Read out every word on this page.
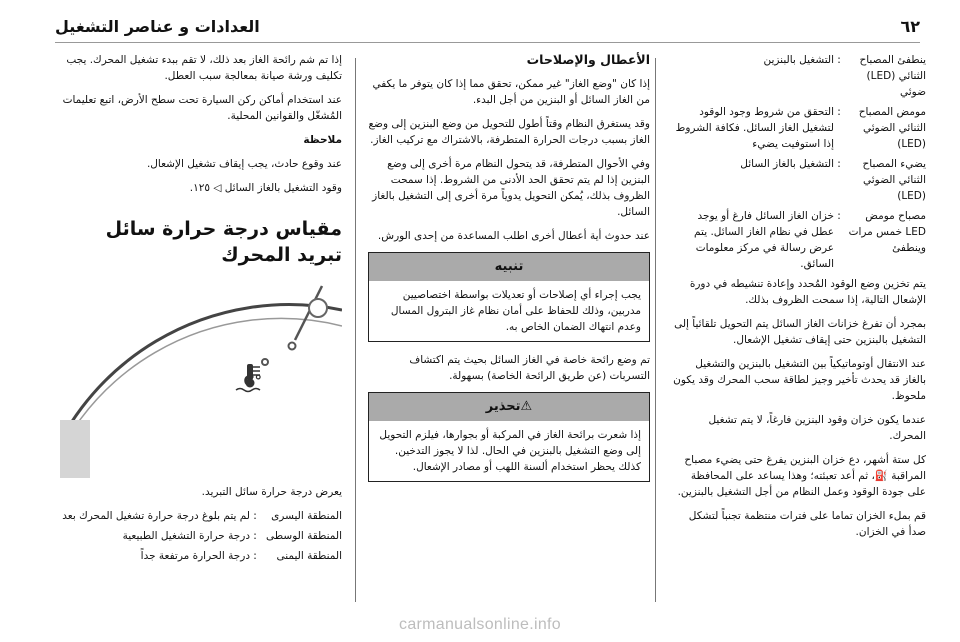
٦٢
العدادات و عناصر التشغيل
ينطفئ المصباح الثنائي (LED) ضوئي	:	التشغيل بالبنزين
مومض المصباح الثنائي الضوئي (LED)	:	التحقق من شروط وجود الوقود لتشغيل الغاز السائل. فكافة الشروط إذا استوفيت يضيء
يضيء المصباح الثنائي الضوئي (LED)	:	التشغيل بالغاز السائل
مصباح مومض LED خمس مرات وينطفئ	:	خزان الغاز السائل فارغ أو يوجد عطل في نظام الغاز السائل. يتم عرض رسالة في مركز معلومات السائق.

يتم تخزين وضع الوقود المُحدد وإعادة تنشيطه في دورة الإشعال التالية، إذا سمحت الظروف بذلك.

بمجرد أن تفرغ خزانات الغاز السائل يتم التحويل تلقائياً إلى التشغيل بالبنزين حتى إيقاف تشغيل الإشعال.

عند الانتقال أوتوماتيكياً بين التشغيل بالبنزين والتشغيل بالغاز قد يحدث تأخير وجيز لطاقة سحب المحرك وقد يكون ملحوظ.

عندما يكون خزان وقود البنزين فارغاً، لا يتم تشغيل المحرك.

كل ستة أشهر، دع خزان البنزين يفرغ حتى يضيء مصباح المراقبة ⛽، ثم أعد تعبئته؛ وهذا يساعد على المحافظة على جودة الوقود وعمل النظام من أجل التشغيل بالبنزين.

قم بملء الخزان تماما على فترات منتظمة تجنباً لتشكل صدأ في الخزان.

الأعطال والإصلاحات

إذا كان "وضع الغاز" غير ممكن، تحقق مما إذا كان يتوفر ما يكفي من الغاز السائل أو البنزين من أجل البدء.

وقد يستغرق النظام وقتاً أطول للتحويل من وضع البنزين إلى وضع الغاز بسبب درجات الحرارة المتطرفة، بالاشتراك مع تركيب الغاز.

وفي الأحوال المتطرفة، قد يتحول النظام مرة أخرى إلى وضع البنزين إذا لم يتم تحقق الحد الأدنى من الشروط. إذا سمحت الظروف بذلك، يُمكن التحويل يدوياً مرة أخرى إلى التشغيل بالغاز السائل.

عند حدوث أية أعطال أخرى اطلب المساعدة من إحدى الورش.

تنبيه
يجب إجراء أي إصلاحات أو تعديلات بواسطة اختصاصيين مدربين، وذلك للحفاظ على أمان نظام غاز البترول المسال وعدم انتهاك الضمان الخاص به.

تم وضع رائحة خاصة في الغاز السائل بحيث يتم اكتشاف التسربات (عن طريق الرائحة الخاصة) بسهولة.

⚠تحذير
إذا شعرت برائحة الغاز في المركبة أو بجوارها، فيلزم التحويل إلى وضع التشغيل بالبنزين في الحال. لذا لا يجوز التدخين. كذلك يحظر استخدام ألسنة اللهب أو مصادر الإشعال.

إذا تم شم رائحة الغاز بعد ذلك، لا تقم ببدء تشغيل المحرك. يجب تكليف ورشة صيانة بمعالجة سبب العطل.

عند استخدام أماكن ركن السيارة تحت سطح الأرض، اتبع تعليمات المُشغّل والقوانين المحلية.

ملاحظة

عند وقوع حادث، يجب إيقاف تشغيل الإشعال.

وقود التشغيل بالغاز السائل ◁ ١٢٥.

مقياس درجة حرارة سائل تبريد المحرك
°C

يعرض درجة حرارة سائل التبريد.

المنطقة اليسرى	:	لم يتم بلوغ درجة حرارة تشغيل المحرك بعد
المنطقة الوسطى	:	درجة حرارة التشغيل الطبيعية
المنطقة اليمنى	:	درجة الحرارة مرتفعة جداً
carmanualsonline.info
